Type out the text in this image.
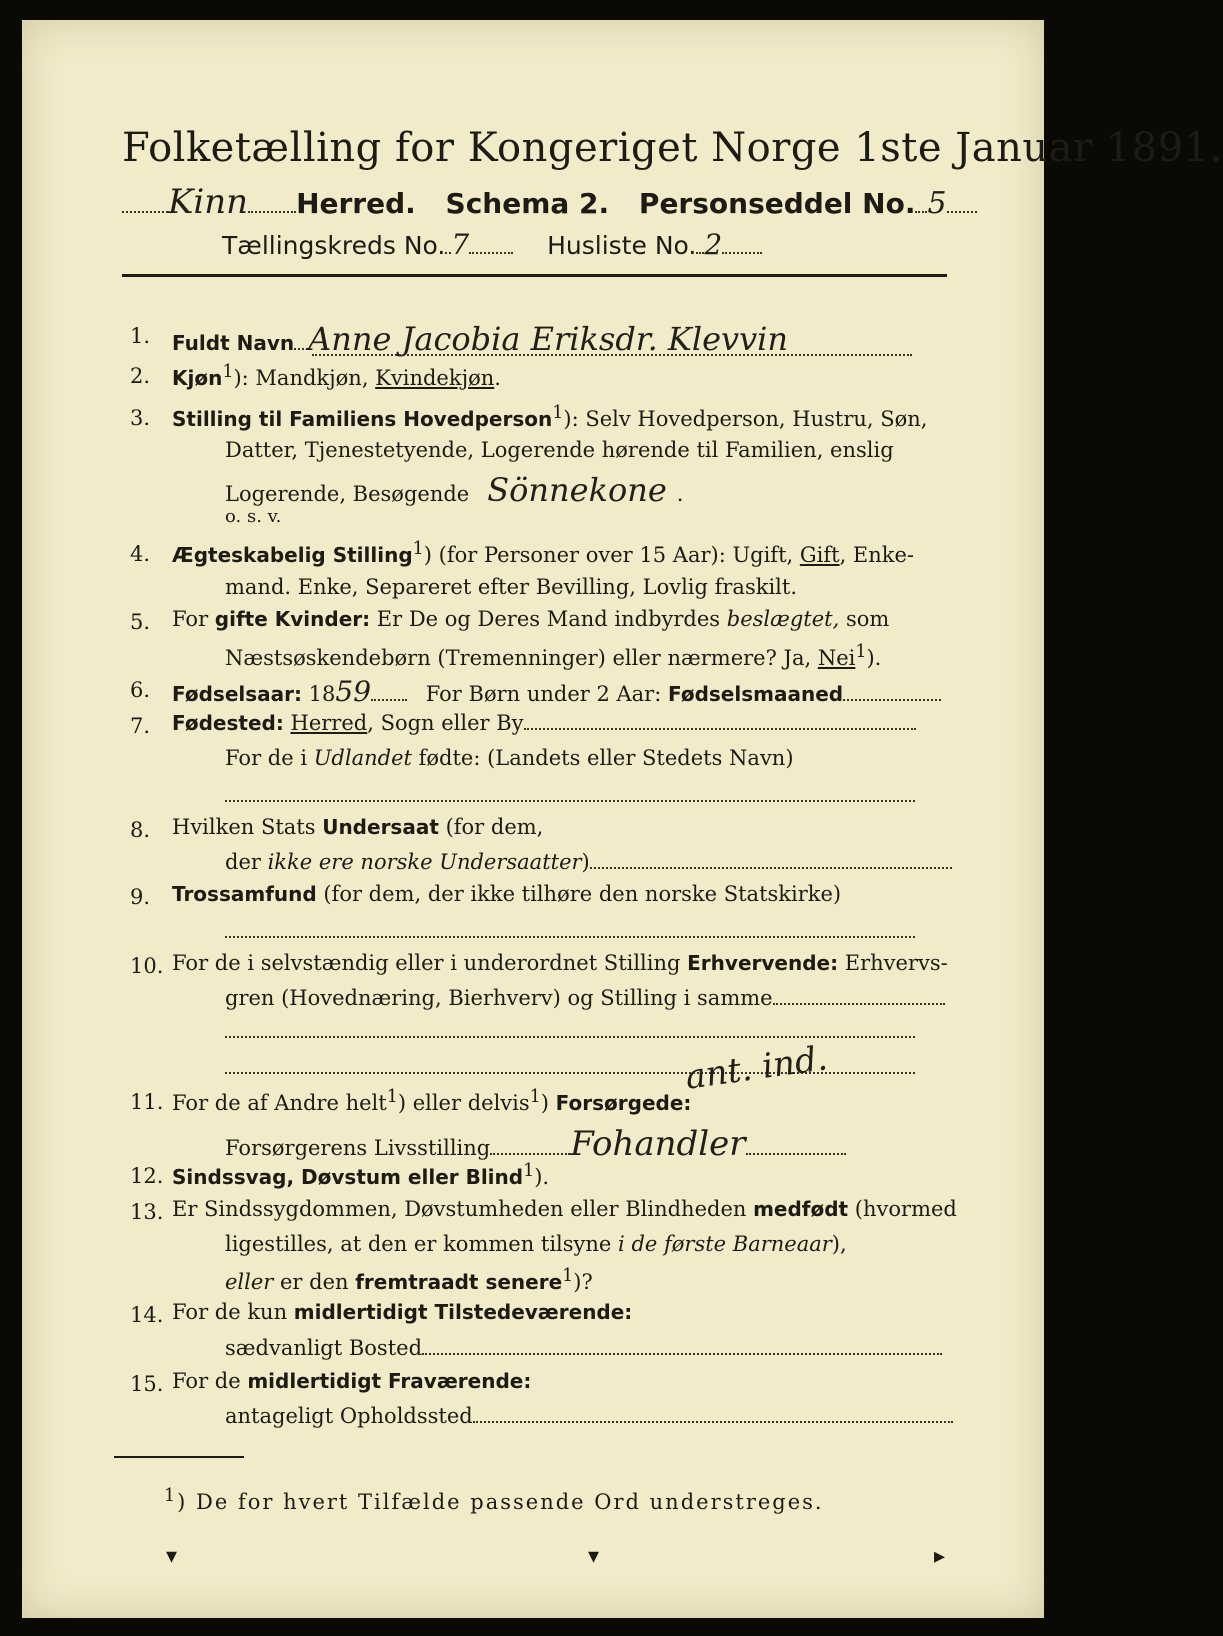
Folketælling for Kongeriget Norge 1ste Januar 1891.
Kinn Herred. Schema 2. Personseddel No. 5
Tællingskreds No. 7	Husliste No. 2
1. Fuldt Navn Anne Jacobia Eriksdr. Klevvin
2. Kjøn$^1$): Mandkjøn, Kvindekjøn.
3. Stilling til Familiens Hovedperson$^1$): Selv Hovedperson, Hustru, Søn,
Datter, Tjenestetyende, Logerende hørende til Familien, enslig
Logerende, Besøgende Sönnekone .
o. s. v.
4. Ægteskabelig Stilling$^1$) (for Personer over 15 Aar): Ugift, Gift, Enke-
mand. Enke, Separeret efter Bevilling, Lovlig fraskilt.
5. For gifte Kvinder: Er De og Deres Mand indbyrdes beslægtet, som
Næstsøskendebørn (Tremenninger) eller nærmere? Ja, Nei$^1$).
6. Fødselsaar: 1859	For Børn under 2 Aar: Fødselsmaaned
7. Fødested: Herred, Sogn eller By
For de i Udlandet fødte: (Landets eller Stedets Navn)
8. Hvilken Stats Undersaat (for dem,
der ikke ere norske Undersaatter)
9. Trossamfund (for dem, der ikke tilhøre den norske Statskirke)
10. For de i selvstændig eller i underordnet Stilling Erhvervende: Erhvervs-
gren (Hovednæring, Bierhverv) og Stilling i samme
11. For de af Andre helt$^1$) eller delvis$^1$) Forsørgede:
ant. ind.
Forsørgerens Livsstilling Fohandler
12. Sindssvag, Døvstum eller Blind$^1$).
13. Er Sindssygdommen, Døvstumheden eller Blindheden medfødt (hvormed
ligestilles, at den er kommen tilsyne i de første Barneaar),
eller er den fremtraadt senere$^1$)?
14. For de kun midlertidigt Tilstedeværende:
sædvanligt Bosted
15. For de midlertidigt Fraværende:
antageligt Opholdssted
$^1$) De for hvert Tilfælde passende Ord understreges.
▾	▾	▸
